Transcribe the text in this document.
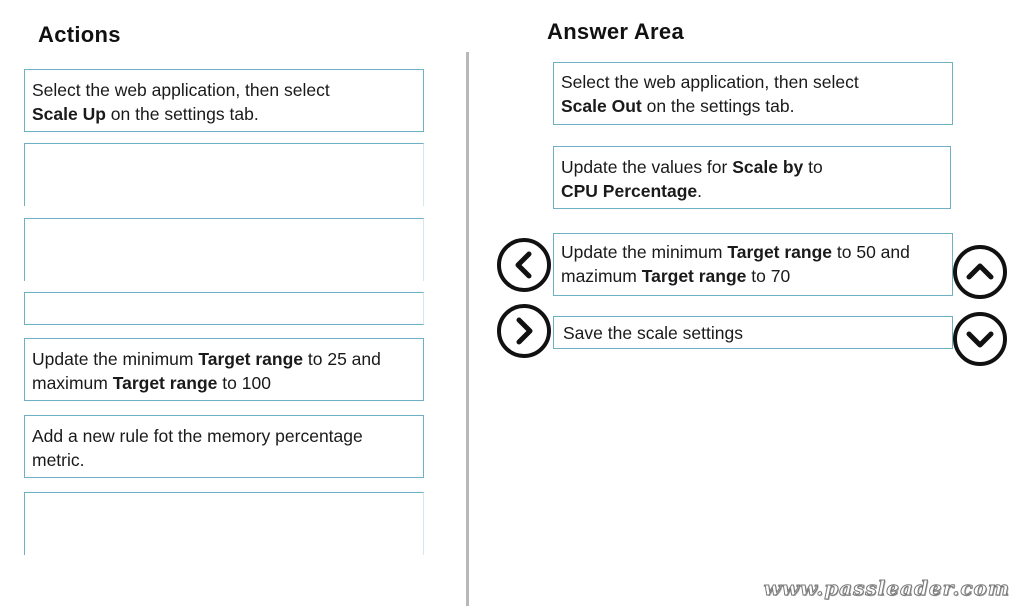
Actions	Answer Area
Select the web application, then select
Scale Up on the settings tab.
Update the minimum Target range to 25 and maximum Target range to 100
Add a new rule fot the memory percentage metric.
Select the web application, then select
Scale Out on the settings tab.
Update the values for Scale by to
CPU Percentage.
Update the minimum Target range to 50 and mazimum Target range to 70
Save the scale settings
www.passleader.com
